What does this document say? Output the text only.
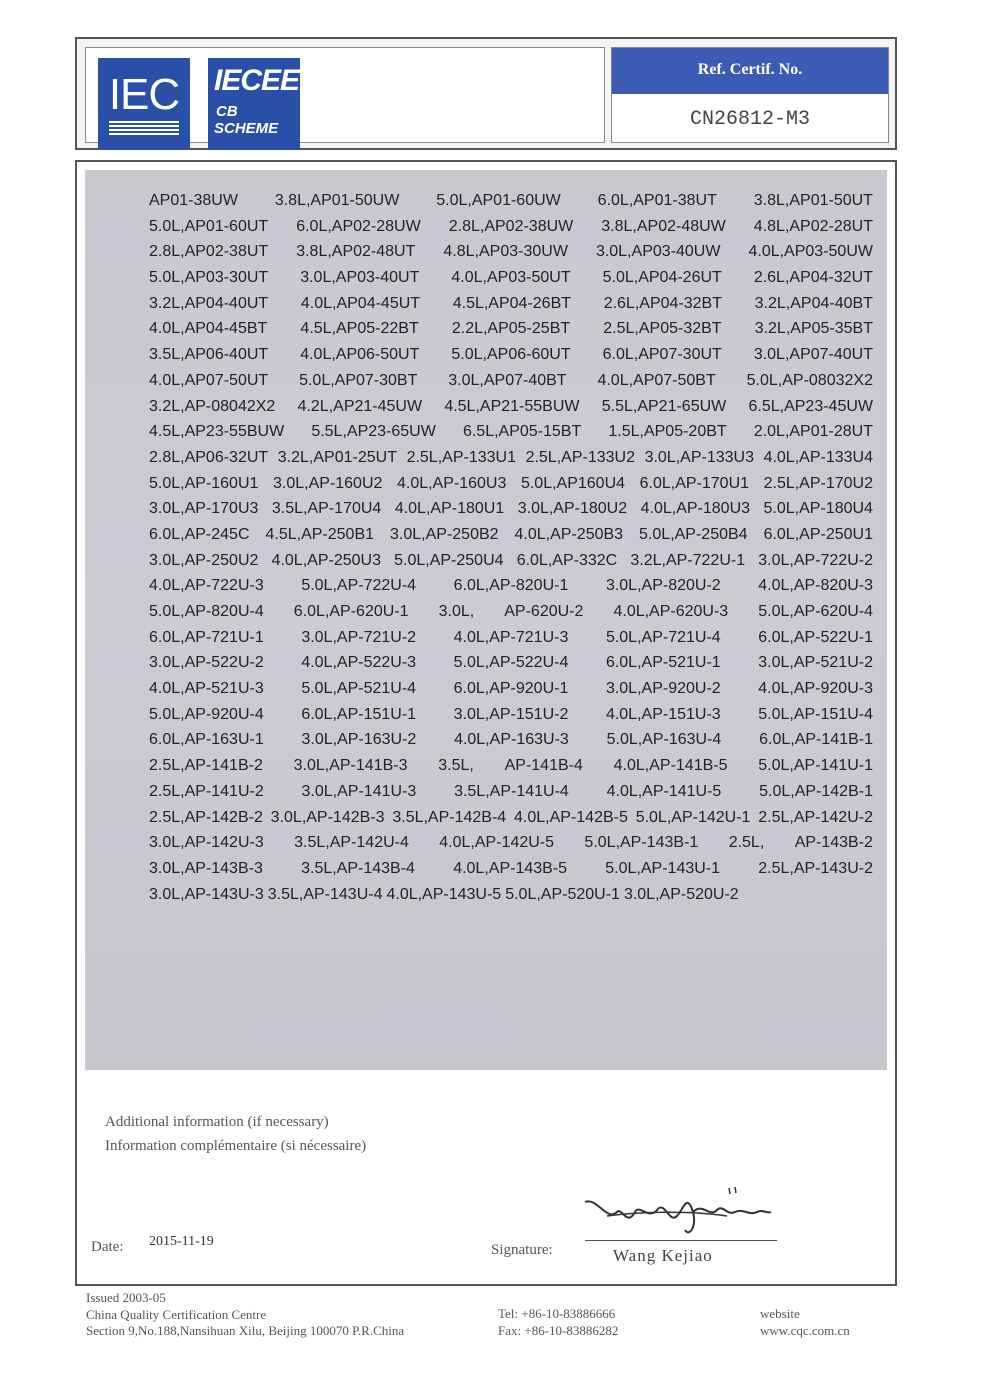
IEC IECEE
CB
SCHEME
Ref. Certif. No.
CN26812-M3
AP01-38UW 3.8L,AP01-50UW 5.0L,AP01-60UW 6.0L,AP01-38UT 3.8L,AP01-50UT
5.0L,AP01-60UT 6.0L,AP02-28UW 2.8L,AP02-38UW 3.8L,AP02-48UW 4.8L,AP02-28UT
2.8L,AP02-38UT 3.8L,AP02-48UT 4.8L,AP03-30UW 3.0L,AP03-40UW 4.0L,AP03-50UW
5.0L,AP03-30UT 3.0L,AP03-40UT 4.0L,AP03-50UT 5.0L,AP04-26UT 2.6L,AP04-32UT
3.2L,AP04-40UT 4.0L,AP04-45UT 4.5L,AP04-26BT 2.6L,AP04-32BT 3.2L,AP04-40BT
4.0L,AP04-45BT 4.5L,AP05-22BT 2.2L,AP05-25BT 2.5L,AP05-32BT 3.2L,AP05-35BT
3.5L,AP06-40UT 4.0L,AP06-50UT 5.0L,AP06-60UT 6.0L,AP07-30UT 3.0L,AP07-40UT
4.0L,AP07-50UT 5.0L,AP07-30BT 3.0L,AP07-40BT 4.0L,AP07-50BT 5.0L,AP-08032X2
3.2L,AP-08042X2 4.2L,AP21-45UW 4.5L,AP21-55BUW 5.5L,AP21-65UW 6.5L,AP23-45UW
4.5L,AP23-55BUW 5.5L,AP23-65UW 6.5L,AP05-15BT 1.5L,AP05-20BT 2.0L,AP01-28UT
2.8L,AP06-32UT 3.2L,AP01-25UT 2.5L,AP-133U1 2.5L,AP-133U2 3.0L,AP-133U3 4.0L,AP-133U4
5.0L,AP-160U1 3.0L,AP-160U2 4.0L,AP-160U3 5.0L,AP160U4 6.0L,AP-170U1 2.5L,AP-170U2
3.0L,AP-170U3 3.5L,AP-170U4 4.0L,AP-180U1 3.0L,AP-180U2 4.0L,AP-180U3 5.0L,AP-180U4
6.0L,AP-245C 4.5L,AP-250B1 3.0L,AP-250B2 4.0L,AP-250B3 5.0L,AP-250B4 6.0L,AP-250U1
3.0L,AP-250U2 4.0L,AP-250U3 5.0L,AP-250U4 6.0L,AP-332C 3.2L,AP-722U-1 3.0L,AP-722U-2
4.0L,AP-722U-3 5.0L,AP-722U-4 6.0L,AP-820U-1 3.0L,AP-820U-2 4.0L,AP-820U-3
5.0L,AP-820U-4 6.0L,AP-620U-1 3.0L, AP-620U-2 4.0L,AP-620U-3 5.0L,AP-620U-4
6.0L,AP-721U-1 3.0L,AP-721U-2 4.0L,AP-721U-3 5.0L,AP-721U-4 6.0L,AP-522U-1
3.0L,AP-522U-2 4.0L,AP-522U-3 5.0L,AP-522U-4 6.0L,AP-521U-1 3.0L,AP-521U-2
4.0L,AP-521U-3 5.0L,AP-521U-4 6.0L,AP-920U-1 3.0L,AP-920U-2 4.0L,AP-920U-3
5.0L,AP-920U-4 6.0L,AP-151U-1 3.0L,AP-151U-2 4.0L,AP-151U-3 5.0L,AP-151U-4
6.0L,AP-163U-1 3.0L,AP-163U-2 4.0L,AP-163U-3 5.0L,AP-163U-4 6.0L,AP-141B-1
2.5L,AP-141B-2 3.0L,AP-141B-3 3.5L, AP-141B-4 4.0L,AP-141B-5 5.0L,AP-141U-1
2.5L,AP-141U-2 3.0L,AP-141U-3 3.5L,AP-141U-4 4.0L,AP-141U-5 5.0L,AP-142B-1
2.5L,AP-142B-2 3.0L,AP-142B-3 3.5L,AP-142B-4 4.0L,AP-142B-5 5.0L,AP-142U-1 2.5L,AP-142U-2
3.0L,AP-142U-3 3.5L,AP-142U-4 4.0L,AP-142U-5 5.0L,AP-143B-1 2.5L, AP-143B-2
3.0L,AP-143B-3 3.5L,AP-143B-4 4.0L,AP-143B-5 5.0L,AP-143U-1 2.5L,AP-143U-2
3.0L,AP-143U-3 3.5L,AP-143U-4 4.0L,AP-143U-5 5.0L,AP-520U-1 3.0L,AP-520U-2
Additional information (if necessary)
Information complémentaire (si nécessaire)
Date: 2015-11-19
Signature:	Wang Kejiao
Issued 2003-05
China Quality Certification Centre
Section 9,No.188,Nansihuan Xilu, Beijing 100070 P.R.China
Tel: +86-10-83886666
Fax: +86-10-83886282
website
www.cqc.com.cn
